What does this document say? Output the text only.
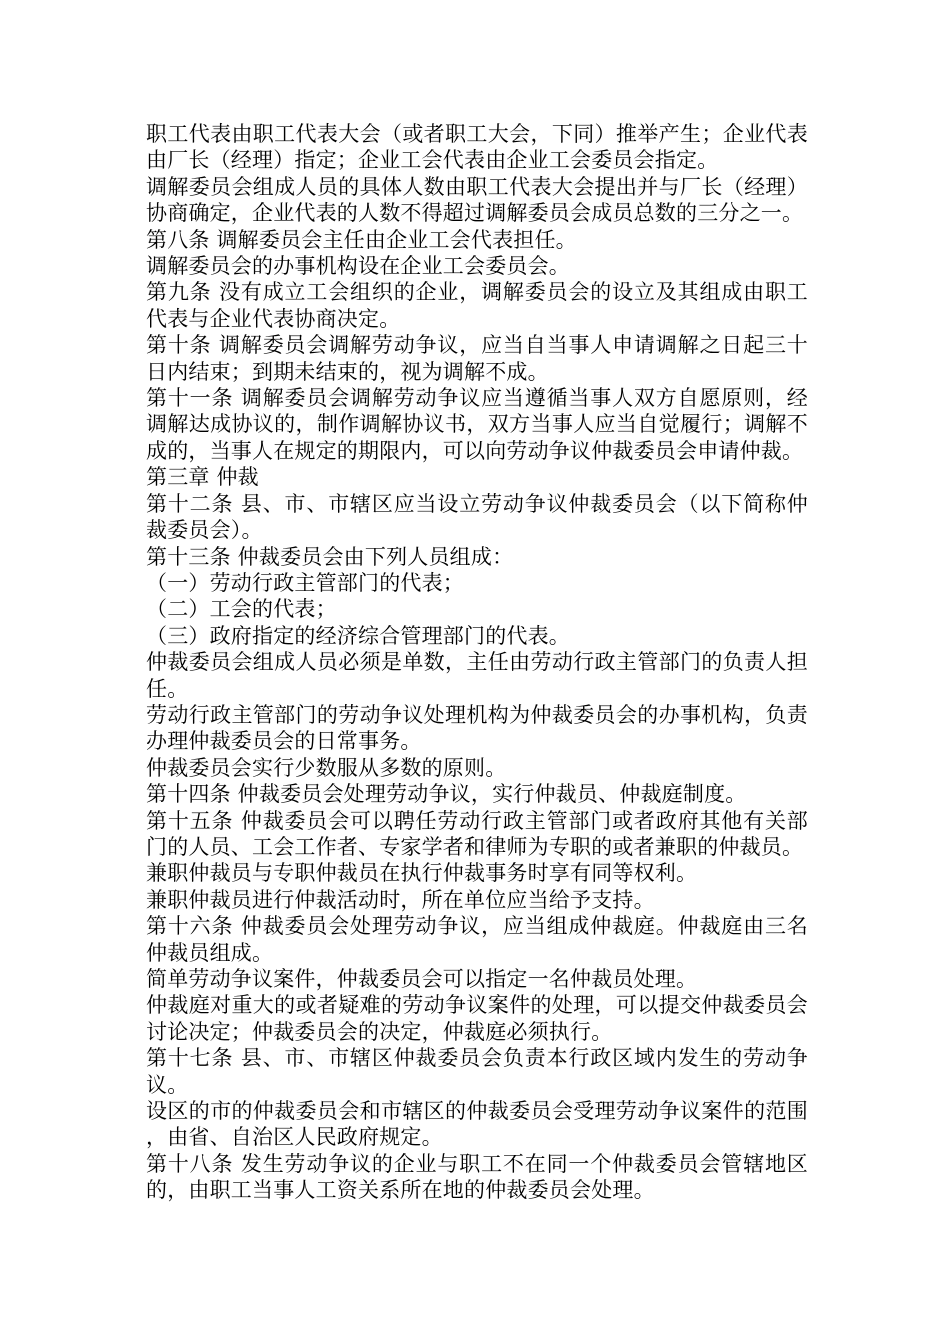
职工代表由职工代表大会（或者职工大会，下同）推举产生；企业代表由厂长（经理）指定；企业工会代表由企业工会委员会指定。

调解委员会组成人员的具体人数由职工代表大会提出并与厂长（经理）协商确定，企业代表的人数不得超过调解委员会成员总数的三分之一。

第八条 调解委员会主任由企业工会代表担任。

调解委员会的办事机构设在企业工会委员会。

第九条 没有成立工会组织的企业，调解委员会的设立及其组成由职工代表与企业代表协商决定。

第十条 调解委员会调解劳动争议，应当自当事人申请调解之日起三十日内结束；到期未结束的，视为调解不成。

第十一条 调解委员会调解劳动争议应当遵循当事人双方自愿原则，经调解达成协议的，制作调解协议书，双方当事人应当自觉履行；调解不成的，当事人在规定的期限内，可以向劳动争议仲裁委员会申请仲裁。

第三章 仲裁

第十二条 县、市、市辖区应当设立劳动争议仲裁委员会（以下简称仲裁委员会）。

第十三条 仲裁委员会由下列人员组成：

（一）劳动行政主管部门的代表；

（二）工会的代表；

（三）政府指定的经济综合管理部门的代表。

仲裁委员会组成人员必须是单数，主任由劳动行政主管部门的负责人担任。

劳动行政主管部门的劳动争议处理机构为仲裁委员会的办事机构，负责办理仲裁委员会的日常事务。

仲裁委员会实行少数服从多数的原则。

第十四条 仲裁委员会处理劳动争议，实行仲裁员、仲裁庭制度。

第十五条 仲裁委员会可以聘任劳动行政主管部门或者政府其他有关部门的人员、工会工作者、专家学者和律师为专职的或者兼职的仲裁员。

兼职仲裁员与专职仲裁员在执行仲裁事务时享有同等权利。

兼职仲裁员进行仲裁活动时，所在单位应当给予支持。

第十六条 仲裁委员会处理劳动争议，应当组成仲裁庭。仲裁庭由三名仲裁员组成。

简单劳动争议案件，仲裁委员会可以指定一名仲裁员处理。

仲裁庭对重大的或者疑难的劳动争议案件的处理，可以提交仲裁委员会讨论决定；仲裁委员会的决定，仲裁庭必须执行。

第十七条 县、市、市辖区仲裁委员会负责本行政区域内发生的劳动争议。

设区的市的仲裁委员会和市辖区的仲裁委员会受理劳动争议案件的范围，由省、自治区人民政府规定。

第十八条 发生劳动争议的企业与职工不在同一个仲裁委员会管辖地区的，由职工当事人工资关系所在地的仲裁委员会处理。
